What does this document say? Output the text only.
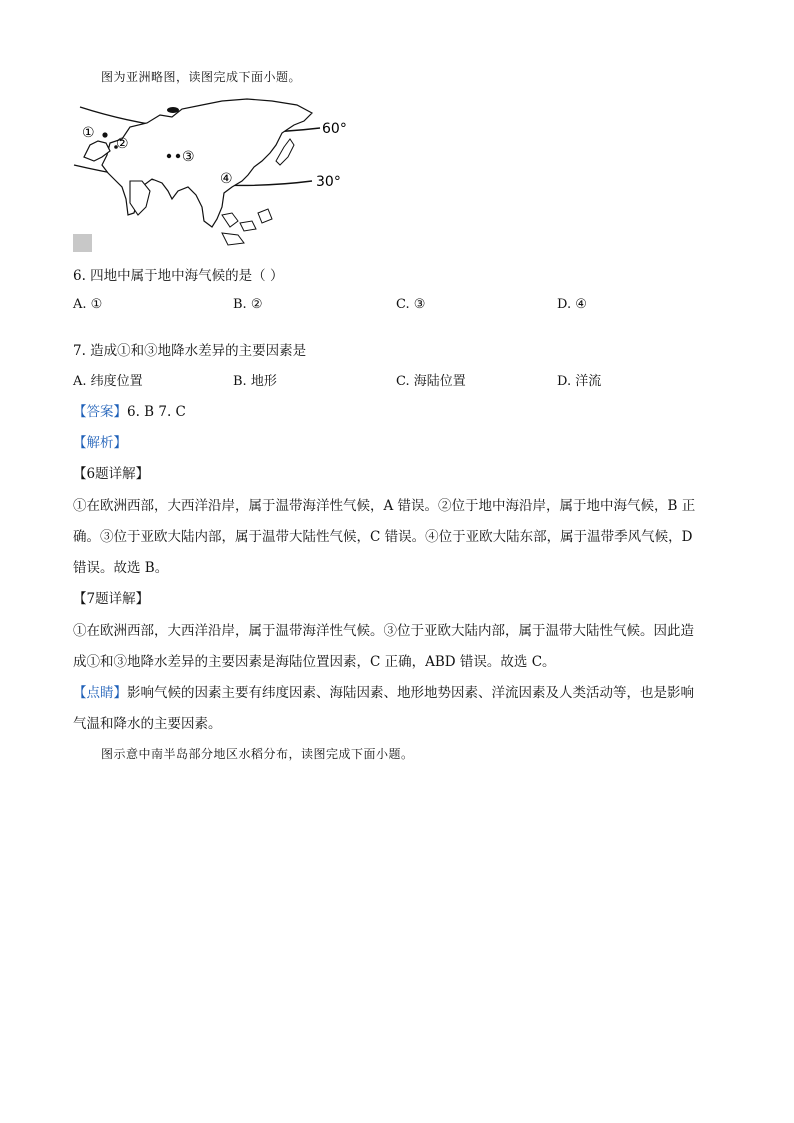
图为亚洲略图，读图完成下面小题。
①
②
③
④
60°
30°
6. 四地中属于地中海气候的是（ ）
A. ①	B. ②	C. ③	D. ④
7. 造成①和③地降水差异的主要因素是
A. 纬度位置	B. 地形	C. 海陆位置	D. 洋流
【答案】6. B 7. C
【解析】
【6题详解】
①在欧洲西部，大西洋沿岸，属于温带海洋性气候，A 错误。②位于地中海沿岸，属于地中海气候，B 正
确。③位于亚欧大陆内部，属于温带大陆性气候，C 错误。④位于亚欧大陆东部，属于温带季风气候，D
错误。故选 B。
【7题详解】
①在欧洲西部，大西洋沿岸，属于温带海洋性气候。③位于亚欧大陆内部，属于温带大陆性气候。因此造
成①和③地降水差异的主要因素是海陆位置因素，C 正确，ABD 错误。故选 C。
【点睛】影响气候的因素主要有纬度因素、海陆因素、地形地势因素、洋流因素及人类活动等，也是影响
气温和降水的主要因素。
图示意中南半岛部分地区水稻分布，读图完成下面小题。
